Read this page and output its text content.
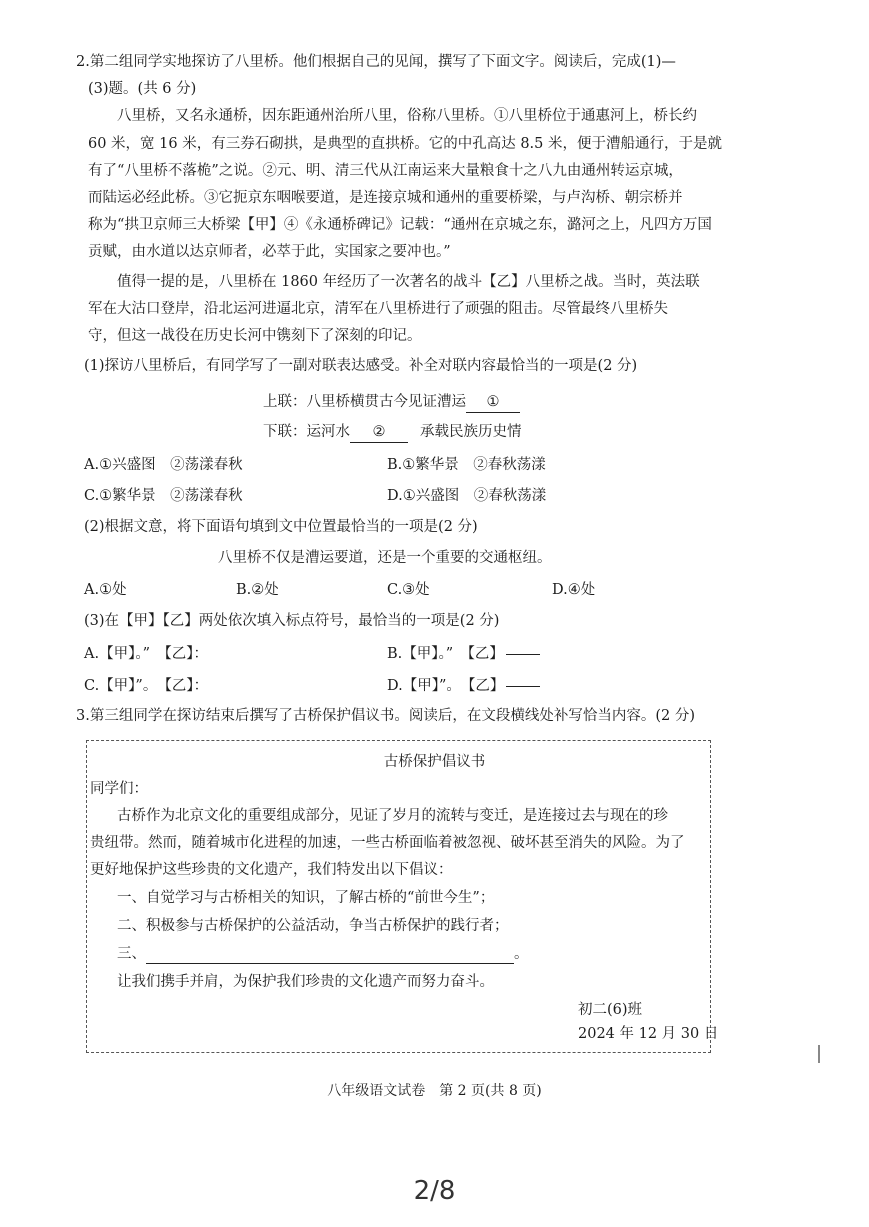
2.第二组同学实地探访了八里桥。他们根据自己的见闻，撰写了下面文字。阅读后，完成(1)—
(3)题。(共 6 分)
八里桥，又名永通桥，因东距通州治所八里，俗称八里桥。①八里桥位于通惠河上，桥长约
60 米，宽 16 米，有三券石砌拱，是典型的直拱桥。它的中孔高达 8.5 米，便于漕船通行，于是就
有了“八里桥不落桅”之说。②元、明、清三代从江南运来大量粮食十之八九由通州转运京城，
而陆运必经此桥。③它扼京东咽喉要道，是连接京城和通州的重要桥梁，与卢沟桥、朝宗桥并
称为“拱卫京师三大桥梁【甲】④《永通桥碑记》记载：“通州在京城之东，潞河之上，凡四方万国
贡赋，由水道以达京师者，必萃于此，实国家之要冲也。”
值得一提的是，八里桥在 1860 年经历了一次著名的战斗【乙】八里桥之战。当时，英法联
军在大沽口登岸，沿北运河进逼北京，清军在八里桥进行了顽强的阻击。尽管最终八里桥失
守，但这一战役在历史长河中镌刻下了深刻的印记。
(1)探访八里桥后，有同学写了一副对联表达感受。补全对联内容最恰当的一项是(2 分)
上联：八里桥横贯古今见证漕运 ①
下联：运河水 ② 承载民族历史情
A.①兴盛图　②荡漾春秋	B.①繁华景　②春秋荡漾
C.①繁华景　②荡漾春秋	D.①兴盛图　②春秋荡漾
(2)根据文意，将下面语句填到文中位置最恰当的一项是(2 分)
八里桥不仅是漕运要道，还是一个重要的交通枢纽。
A.①处	B.②处	C.③处	D.④处
(3)在【甲】【乙】两处依次填入标点符号，最恰当的一项是(2 分)
A.【甲】。”　【乙】：	B.【甲】。”　【乙】
C.【甲】”。　【乙】：	D.【甲】”。　【乙】
3.第三组同学在探访结束后撰写了古桥保护倡议书。阅读后，在文段横线处补写恰当内容。(2 分)
古桥保护倡议书
同学们：
古桥作为北京文化的重要组成部分，见证了岁月的流转与变迁，是连接过去与现在的珍
贵纽带。然而，随着城市化进程的加速，一些古桥面临着被忽视、破坏甚至消失的风险。为了
更好地保护这些珍贵的文化遗产，我们特发出以下倡议：
一、自觉学习与古桥相关的知识，了解古桥的“前世今生”；
二、积极参与古桥保护的公益活动，争当古桥保护的践行者；
三、	。
让我们携手并肩，为保护我们珍贵的文化遗产而努力奋斗。
初二(6)班
2024 年 12 月 30 日
八年级语文试卷　第 2 页(共 8 页)
2/8
